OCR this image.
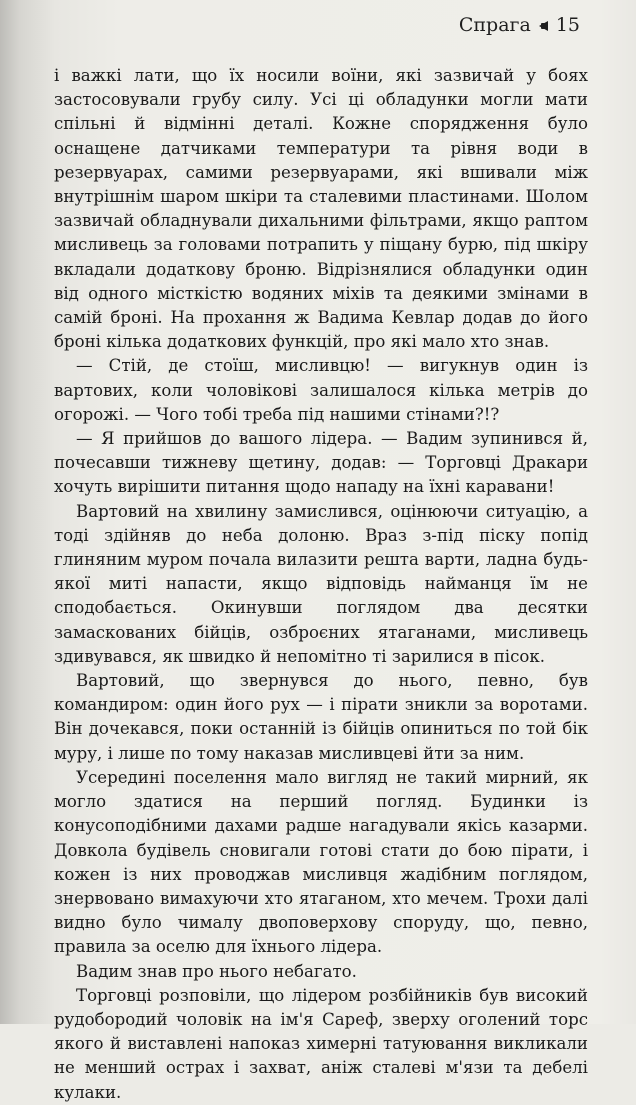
Спрага 15

і важкі лати, що їх носили воїни, які зазвичай у боях застосовували грубу силу. Усі ці обладунки могли мати спільні й відмінні деталі. Кожне спорядження було оснащене датчиками температури та рівня води в резервуарах, самими резервуарами, які вшивали між внутрішнім шаром шкіри та сталевими пластинами. Шолом зазвичай обладнували дихальними фільтрами, якщо раптом мисливець за головами потрапить у піщану бурю, під шкіру вкладали додаткову броню. Відрізнялися обладунки один від одного місткістю водяних міхів та деякими змінами в самій броні. На прохання ж Вадима Кевлар додав до його броні кілька додаткових функцій, про які мало хто знав.

— Стій, де стоїш, мисливцю! — вигукнув один із вартових, коли чоловікові залишалося кілька метрів до огорожі. — Чого тобі треба під нашими стінами?!?

— Я прийшов до вашого лідера. — Вадим зупинився й, почесавши тижневу щетину, додав: — Торговці Дракари хочуть вирішити питання щодо нападу на їхні каравани!

Вартовий на хвилину замислився, оцінюючи ситуацію, а тоді здійняв до неба долоню. Враз з-під піску попід глиняним муром почала вилазити решта варти, ладна будь-якої миті напасти, якщо відповідь найманця їм не сподобається. Окинувши поглядом два десятки замаскованих бійців, озброєних ятаганами, мисливець здивувався, як швидко й непомітно ті зарилися в пісок.

Вартовий, що звернувся до нього, певно, був командиром: один його рух — і пірати зникли за воротами. Він дочекався, поки останній із бійців опиниться по той бік муру, і лише по тому наказав мисливцеві йти за ним.

Усередині поселення мало вигляд не такий мирний, як могло здатися на перший погляд. Будинки із конусоподібними дахами радше нагадували якісь казарми. Довкола будівель сновигали готові стати до бою пірати, і кожен із них проводжав мисливця жадібним поглядом, знервовано вимахуючи хто ятаганом, хто мечем. Трохи далі видно було чималу двоповерхову споруду, що, певно, правила за оселю для їхнього лідера.

Вадим знав про нього небагато.

Торговці розповіли, що лідером розбійників був високий рудобородий чоловік на ім'я Сареф, зверху оголений торс якого й виставлені напоказ химерні татуювання викликали не менший острах і захват, аніж сталеві м'язи та дебелі кулаки.
